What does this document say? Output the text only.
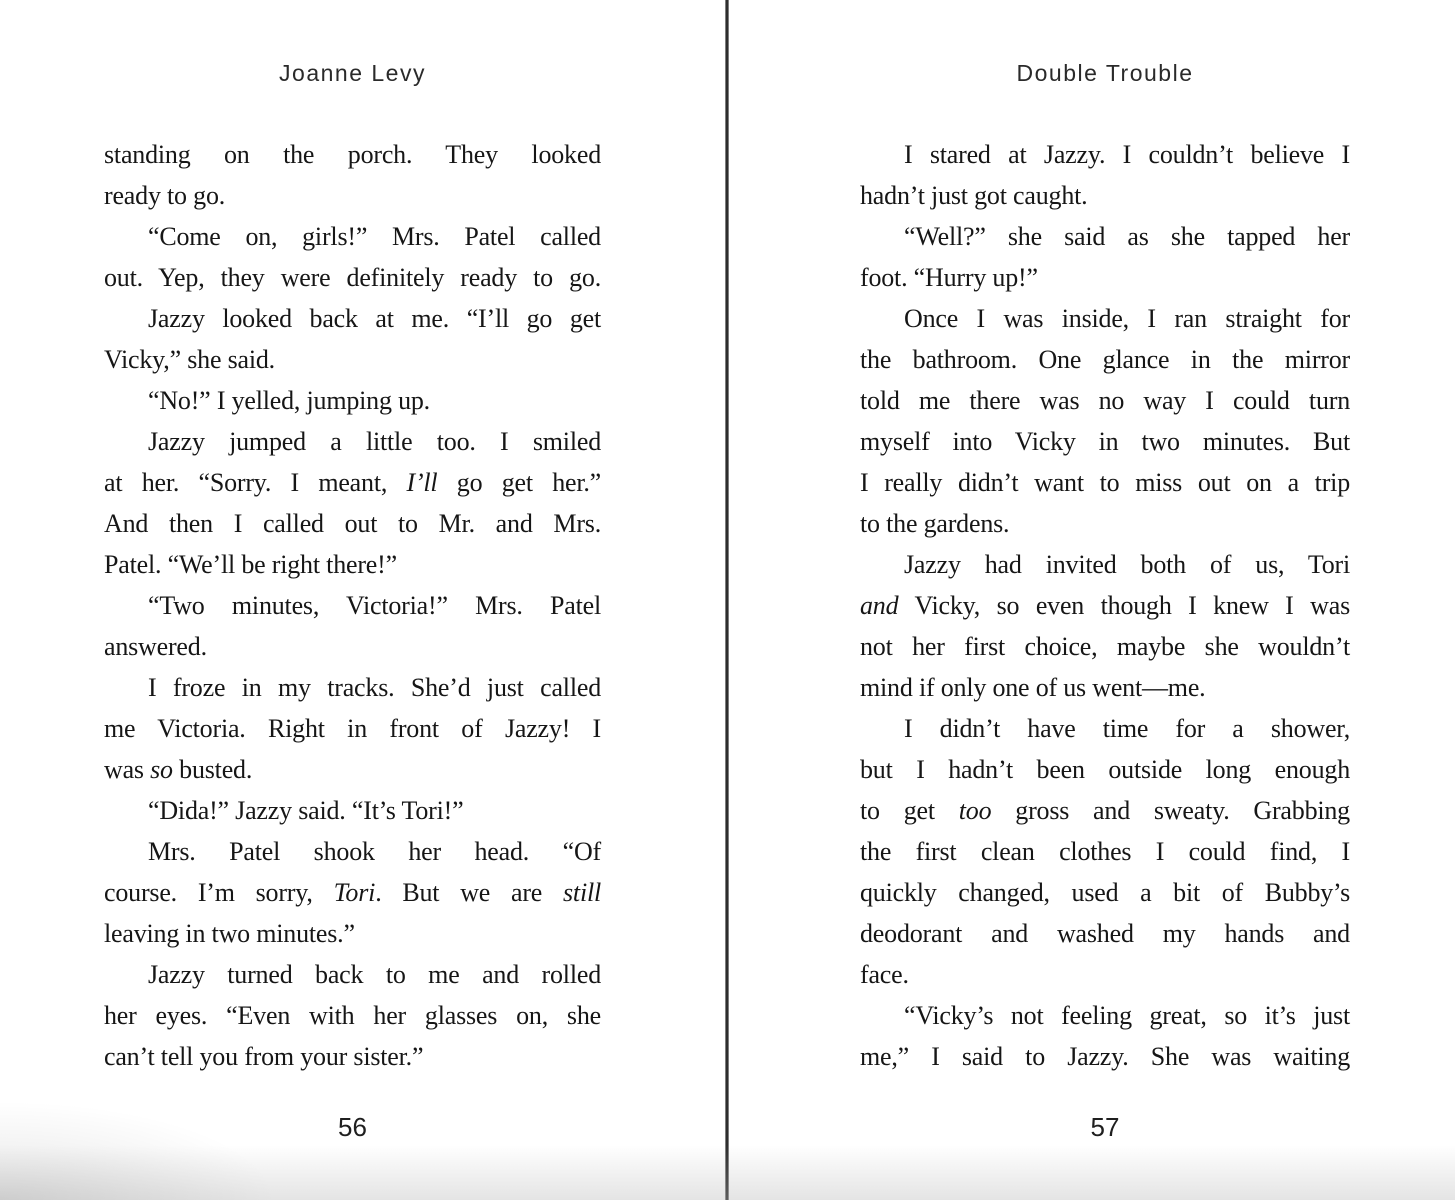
Joanne Levy
standing on the porch. They looked
ready to go.
“Come on, girls!” Mrs. Patel called
out. Yep, they were definitely ready to go.
Jazzy looked back at me. “I’ll go get
Vicky,” she said.
“No!” I yelled, jumping up.
Jazzy jumped a little too. I smiled
at her. “Sorry. I meant, I’ll go get her.”
And then I called out to Mr. and Mrs.
Patel. “We’ll be right there!”
“Two minutes, Victoria!” Mrs. Patel
answered.
I froze in my tracks. She’d just called
me Victoria. Right in front of Jazzy! I
was so busted.
“Dida!” Jazzy said. “It’s Tori!”
Mrs. Patel shook her head. “Of
course. I’m sorry, Tori. But we are still
leaving in two minutes.”
Jazzy turned back to me and rolled
her eyes. “Even with her glasses on, she
can’t tell you from your sister.”
56
Double Trouble
I stared at Jazzy. I couldn’t believe I
hadn’t just got caught.
“Well?” she said as she tapped her
foot. “Hurry up!”
Once I was inside, I ran straight for
the bathroom. One glance in the mirror
told me there was no way I could turn
myself into Vicky in two minutes. But
I really didn’t want to miss out on a trip
to the gardens.
Jazzy had invited both of us, Tori
and Vicky, so even though I knew I was
not her first choice, maybe she wouldn’t
mind if only one of us went—me.
I didn’t have time for a shower,
but I hadn’t been outside long enough
to get too gross and sweaty. Grabbing
the first clean clothes I could find, I
quickly changed, used a bit of Bubby’s
deodorant and washed my hands and
face.
“Vicky’s not feeling great, so it’s just
me,” I said to Jazzy. She was waiting
57
